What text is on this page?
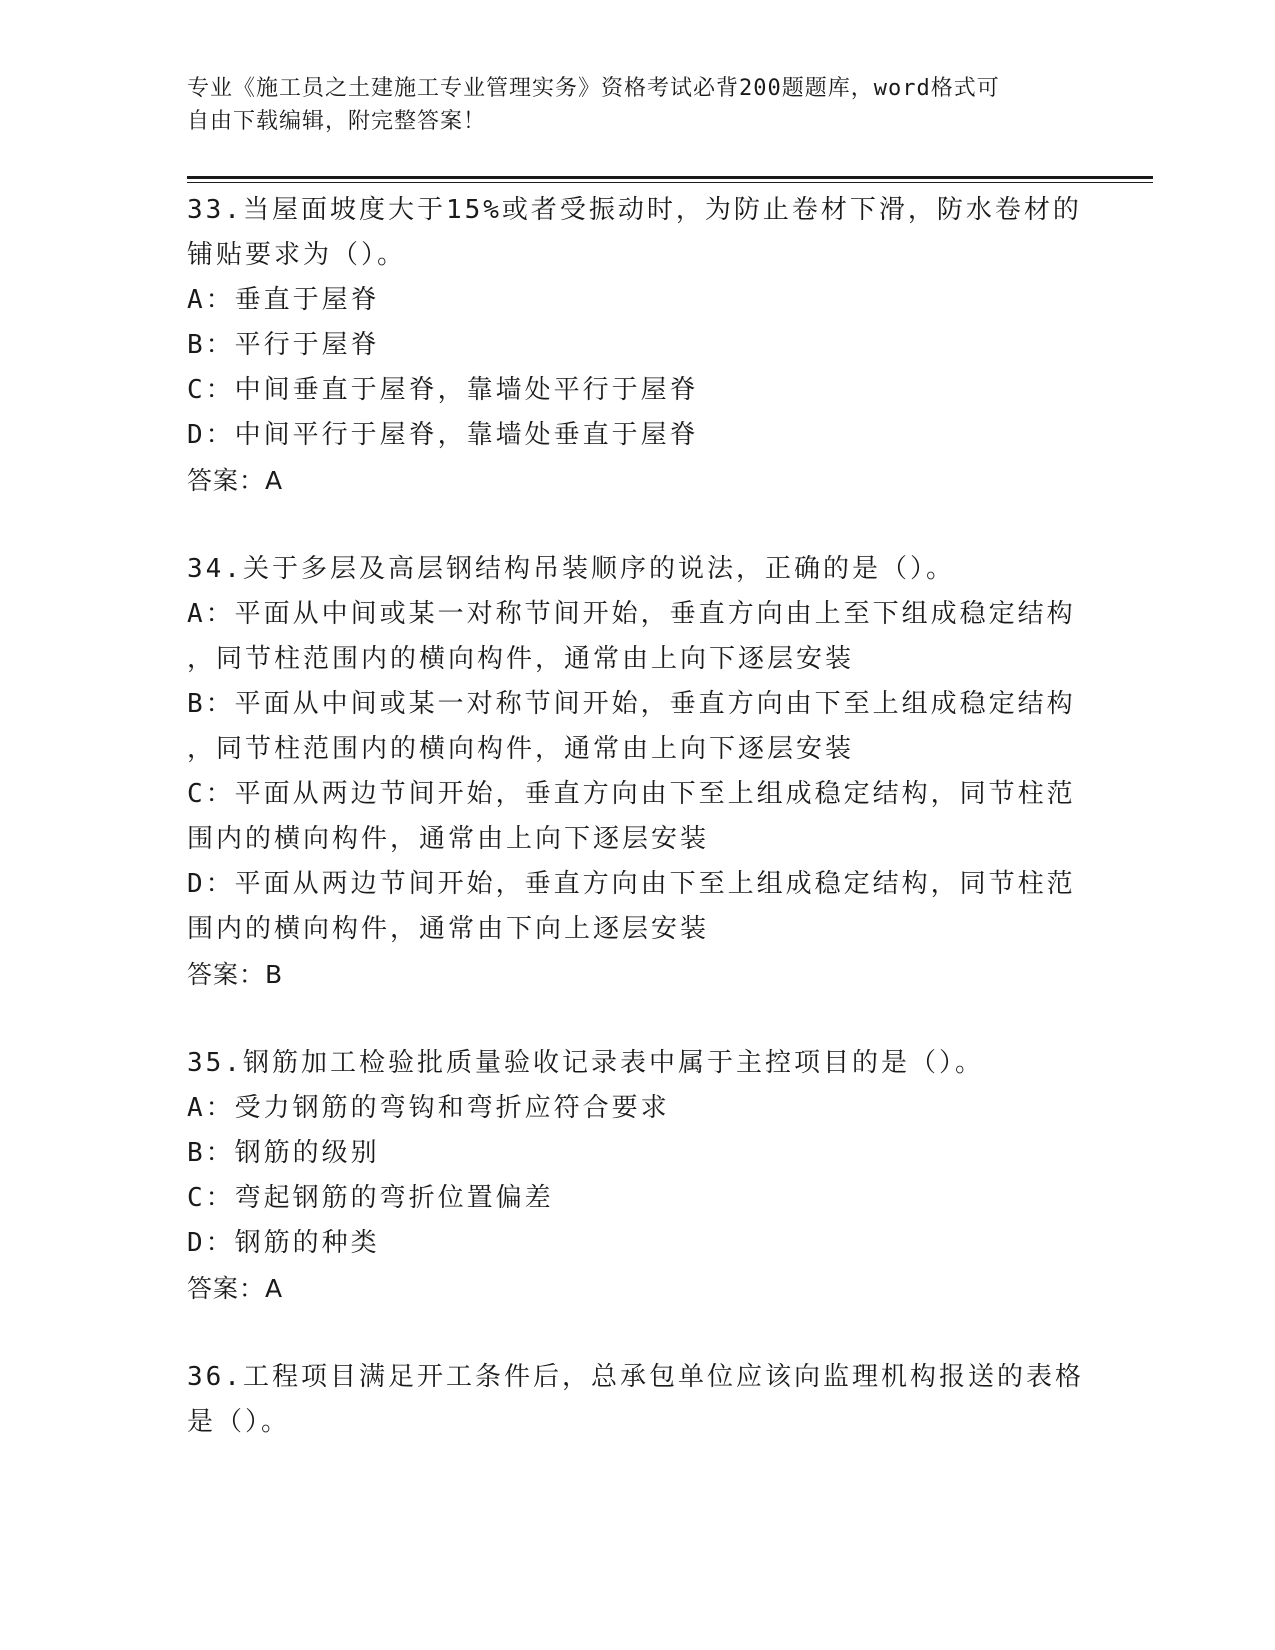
专业《施工员之土建施工专业管理实务》资格考试必背200题题库，word格式可
自由下载编辑，附完整答案！
33.当屋面坡度大于15%或者受振动时，为防止卷材下滑，防水卷材的
铺贴要求为（）。
A：垂直于屋脊
B：平行于屋脊
C：中间垂直于屋脊，靠墙处平行于屋脊
D：中间平行于屋脊，靠墙处垂直于屋脊
答案：A
34.关于多层及高层钢结构吊装顺序的说法，正确的是（）。
A：平面从中间或某一对称节间开始，垂直方向由上至下组成稳定结构
，同节柱范围内的横向构件，通常由上向下逐层安装
B：平面从中间或某一对称节间开始，垂直方向由下至上组成稳定结构
，同节柱范围内的横向构件，通常由上向下逐层安装
C：平面从两边节间开始，垂直方向由下至上组成稳定结构，同节柱范
围内的横向构件，通常由上向下逐层安装
D：平面从两边节间开始，垂直方向由下至上组成稳定结构，同节柱范
围内的横向构件，通常由下向上逐层安装
答案：B
35.钢筋加工检验批质量验收记录表中属于主控项目的是（）。
A：受力钢筋的弯钩和弯折应符合要求
B：钢筋的级别
C：弯起钢筋的弯折位置偏差
D：钢筋的种类
答案：A
36.工程项目满足开工条件后，总承包单位应该向监理机构报送的表格
是（）。
